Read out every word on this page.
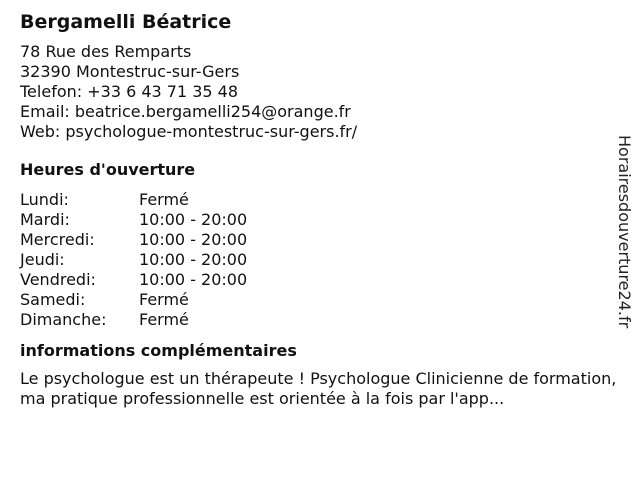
Bergamelli Béatrice
78 Rue des Remparts
32390 Montestruc-sur-Gers
Telefon: +33 6 43 71 35 48
Email: beatrice.bergamelli254@orange.fr
Web: psychologue-montestruc-sur-gers.fr/
Heures d'ouverture
Lundi:	Fermé
Mardi:	10:00 - 20:00
Mercredi:	10:00 - 20:00
Jeudi:	10:00 - 20:00
Vendredi:	10:00 - 20:00
Samedi:	Fermé
Dimanche:	Fermé
informations complémentaires
Le psychologue est un thérapeute ! Psychologue Clinicienne de formation, ma pratique professionnelle est orientée à la fois par l'app...
Horairesdouverture24.fr
